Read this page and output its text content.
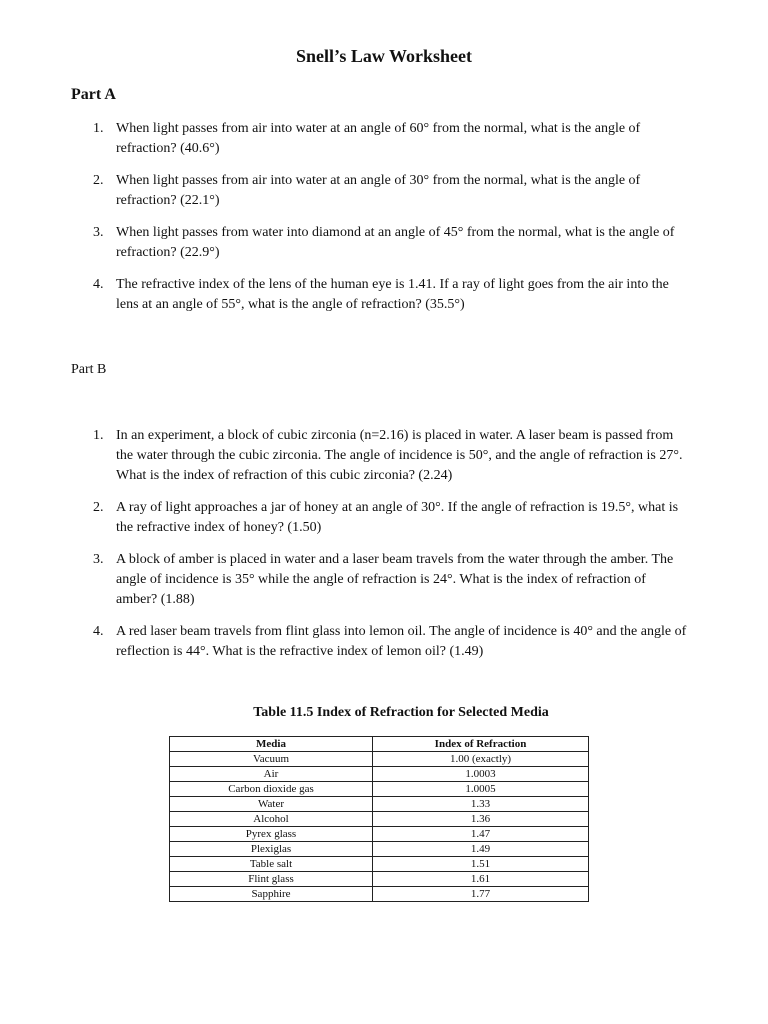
Snell’s Law Worksheet
Part A
1. When light passes from air into water at an angle of 60° from the normal, what is the angle of refraction? (40.6°)
2. When light passes from air into water at an angle of 30° from the normal, what is the angle of refraction? (22.1°)
3. When light passes from water into diamond at an angle of 45° from the normal, what is the angle of refraction? (22.9°)
4. The refractive index of the lens of the human eye is 1.41. If a ray of light goes from the air into the lens at an angle of 55°, what is the angle of refraction? (35.5°)
Part B
1. In an experiment, a block of cubic zirconia (n=2.16) is placed in water. A laser beam is passed from the water through the cubic zirconia. The angle of incidence is 50°, and the angle of refraction is 27°. What is the index of refraction of this cubic zirconia? (2.24)
2. A ray of light approaches a jar of honey at an angle of 30°. If the angle of refraction is 19.5°, what is the refractive index of honey? (1.50)
3. A block of amber is placed in water and a laser beam travels from the water through the amber. The angle of incidence is 35° while the angle of refraction is 24°. What is the index of refraction of amber? (1.88)
4. A red laser beam travels from flint glass into lemon oil. The angle of incidence is 40° and the angle of reflection is 44°. What is the refractive index of lemon oil? (1.49)
Table 11.5 Index of Refraction for Selected Media
Media	Index of Refraction
Vacuum	1.00 (exactly)
Air	1.0003
Carbon dioxide gas	1.0005
Water	1.33
Alcohol	1.36
Pyrex glass	1.47
Plexiglas	1.49
Table salt	1.51
Flint glass	1.61
Sapphire	1.77
